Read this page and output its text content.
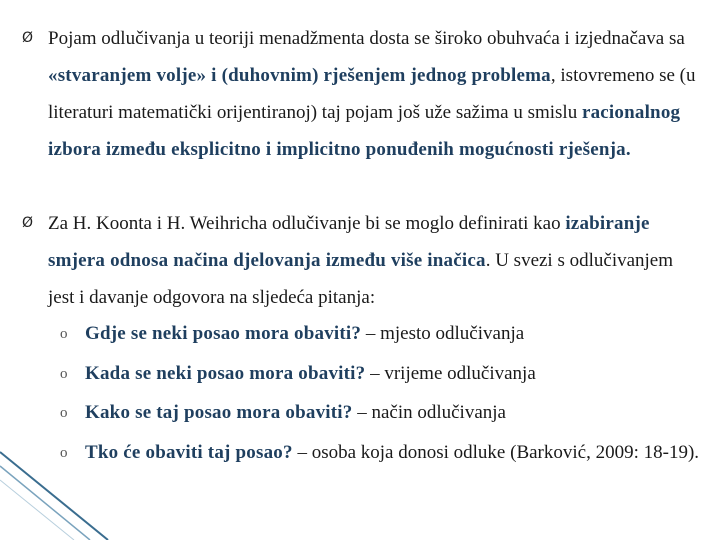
Ø Pojam odlučivanja u teoriji menadžmenta dosta se široko obuhvaća i izjednačava sa «stvaranjem volje» i (duhovnim) rješenjem jednog problema, istovremeno se (u literaturi matematički orijentiranoj) taj pojam još uže sažima u smislu racionalnog izbora između eksplicitno i implicitno ponuđenih mogućnosti rješenja.
Ø Za H. Koonta i H. Weihricha odlučivanje bi se moglo definirati kao izabiranje smjera odnosa načina djelovanja između više inačica. U svezi s odlučivanjem jest i davanje odgovora na sljedeća pitanja:
o Gdje se neki posao mora obaviti? – mjesto odlučivanja
o Kada se neki posao mora obaviti? – vrijeme odlučivanja
o Kako se taj posao mora obaviti? – način odlučivanja
o Tko će obaviti taj posao? – osoba koja donosi odluke (Barković, 2009: 18-19).
